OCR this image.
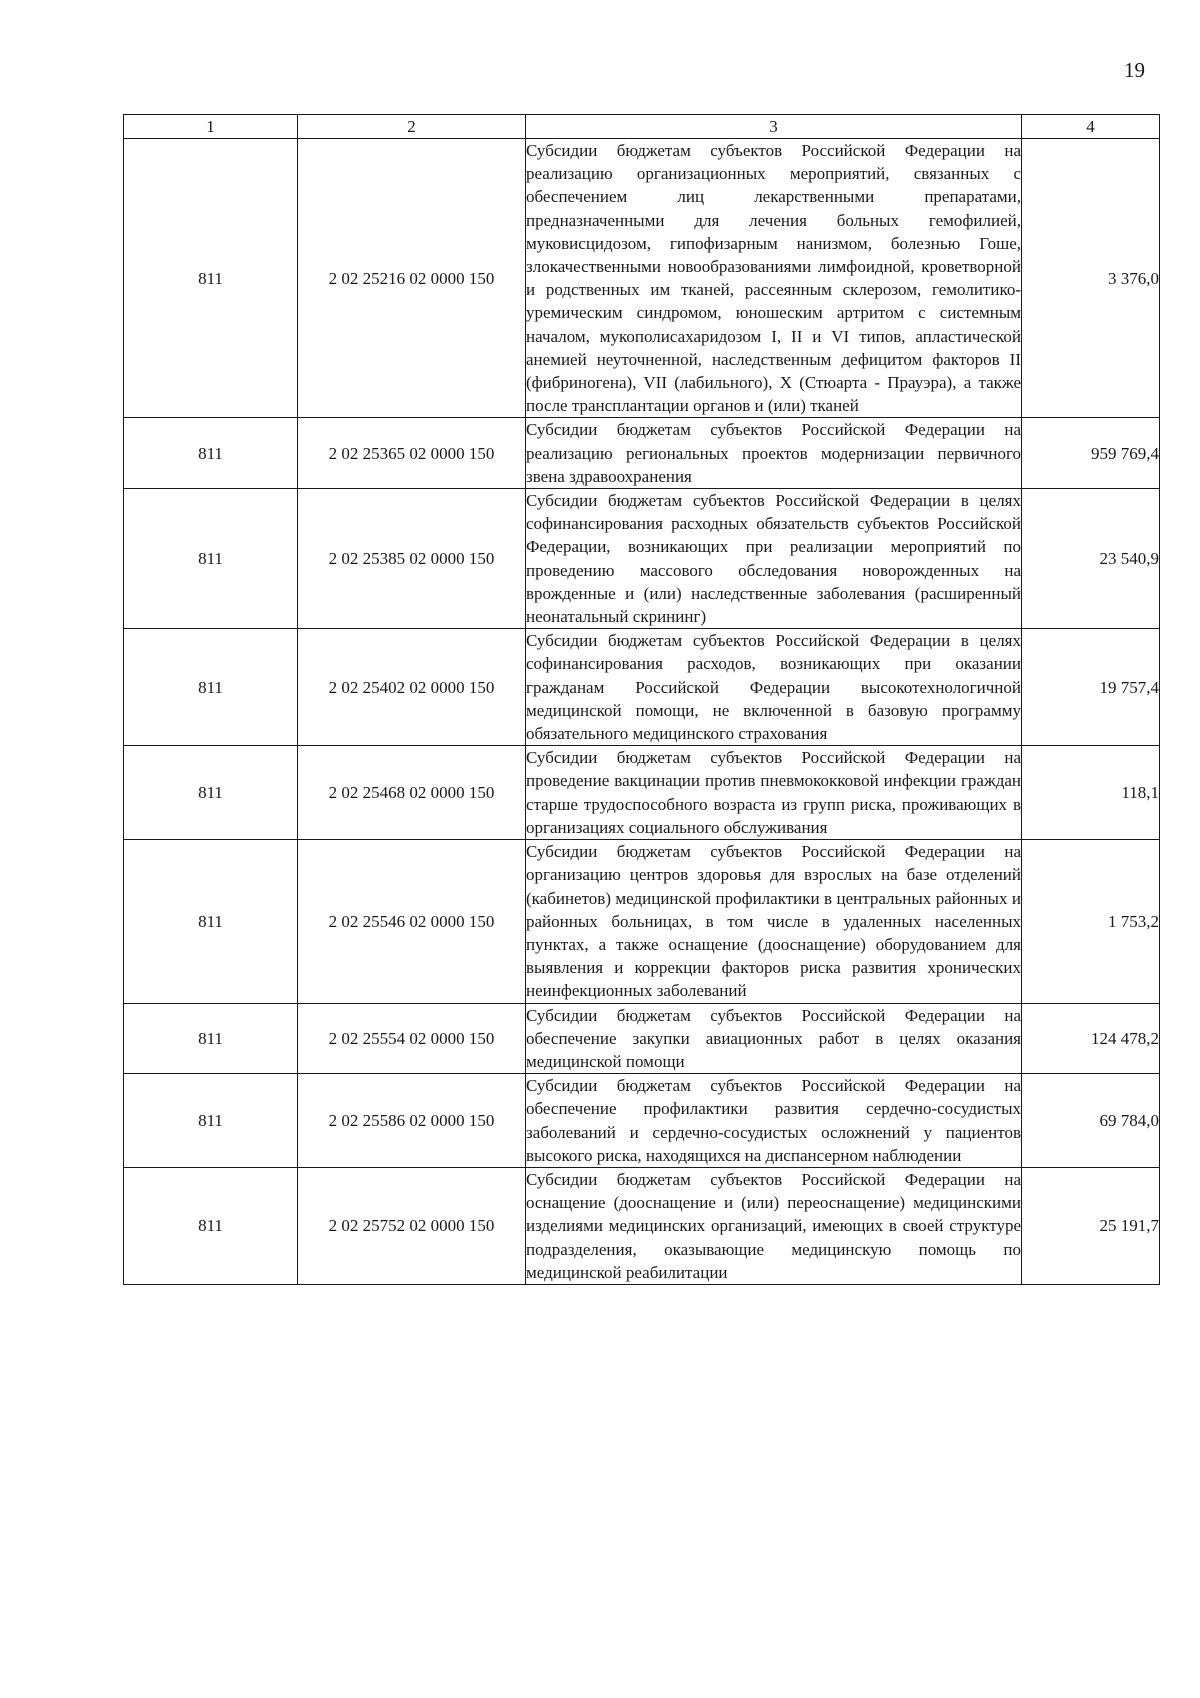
19
1	2	3	4
811	2 02 25216 02 0000 150	Субсидии бюджетам субъектов Российской Федерации на реализацию организационных мероприятий, связанных с обеспечением лиц лекарственными препаратами, предназначенными для лечения больных гемофилией, муковисцидозом, гипофизарным нанизмом, болезнью Гоше, злокачественными новообразованиями лимфоидной, кроветворной и родственных им тканей, рассеянным склерозом, гемолитико-уремическим синдромом, юношеским артритом с системным началом, мукополисахаридозом I, II и VI типов, апластической анемией неуточненной, наследственным дефицитом факторов II (фибриногена), VII (лабильного), X (Стюарта - Прауэра), а также после трансплантации органов и (или) тканей	3 376,0
811	2 02 25365 02 0000 150	Субсидии бюджетам субъектов Российской Федерации на реализацию региональных проектов модернизации первичного звена здравоохранения	959 769,4
811	2 02 25385 02 0000 150	Субсидии бюджетам субъектов Российской Федерации в целях софинансирования расходных обязательств субъектов Российской Федерации, возникающих при реализации мероприятий по проведению массового обследования новорожденных на врожденные и (или) наследственные заболевания (расширенный неонатальный скрининг)	23 540,9
811	2 02 25402 02 0000 150	Субсидии бюджетам субъектов Российской Федерации в целях софинансирования расходов, возникающих при оказании гражданам Российской Федерации высокотехнологичной медицинской помощи, не включенной в базовую программу обязательного медицинского страхования	19 757,4
811	2 02 25468 02 0000 150	Субсидии бюджетам субъектов Российской Федерации на проведение вакцинации против пневмококковой инфекции граждан старше трудоспособного возраста из групп риска, проживающих в организациях социального обслуживания	118,1
811	2 02 25546 02 0000 150	Субсидии бюджетам субъектов Российской Федерации на организацию центров здоровья для взрослых на базе отделений (кабинетов) медицинской профилактики в центральных районных и районных больницах, в том числе в удаленных населенных пунктах, а также оснащение (дооснащение) оборудованием для выявления и коррекции факторов риска развития хронических неинфекционных заболеваний	1 753,2
811	2 02 25554 02 0000 150	Субсидии бюджетам субъектов Российской Федерации на обеспечение закупки авиационных работ в целях оказания медицинской помощи	124 478,2
811	2 02 25586 02 0000 150	Субсидии бюджетам субъектов Российской Федерации на обеспечение профилактики развития сердечно-сосудистых заболеваний и сердечно-сосудистых осложнений у пациентов высокого риска, находящихся на диспансерном наблюдении	69 784,0
811	2 02 25752 02 0000 150	Субсидии бюджетам субъектов Российской Федерации на оснащение (дооснащение и (или) переоснащение) медицинскими изделиями медицинских организаций, имеющих в своей структуре подразделения, оказывающие медицинскую помощь по медицинской реабилитации	25 191,7
